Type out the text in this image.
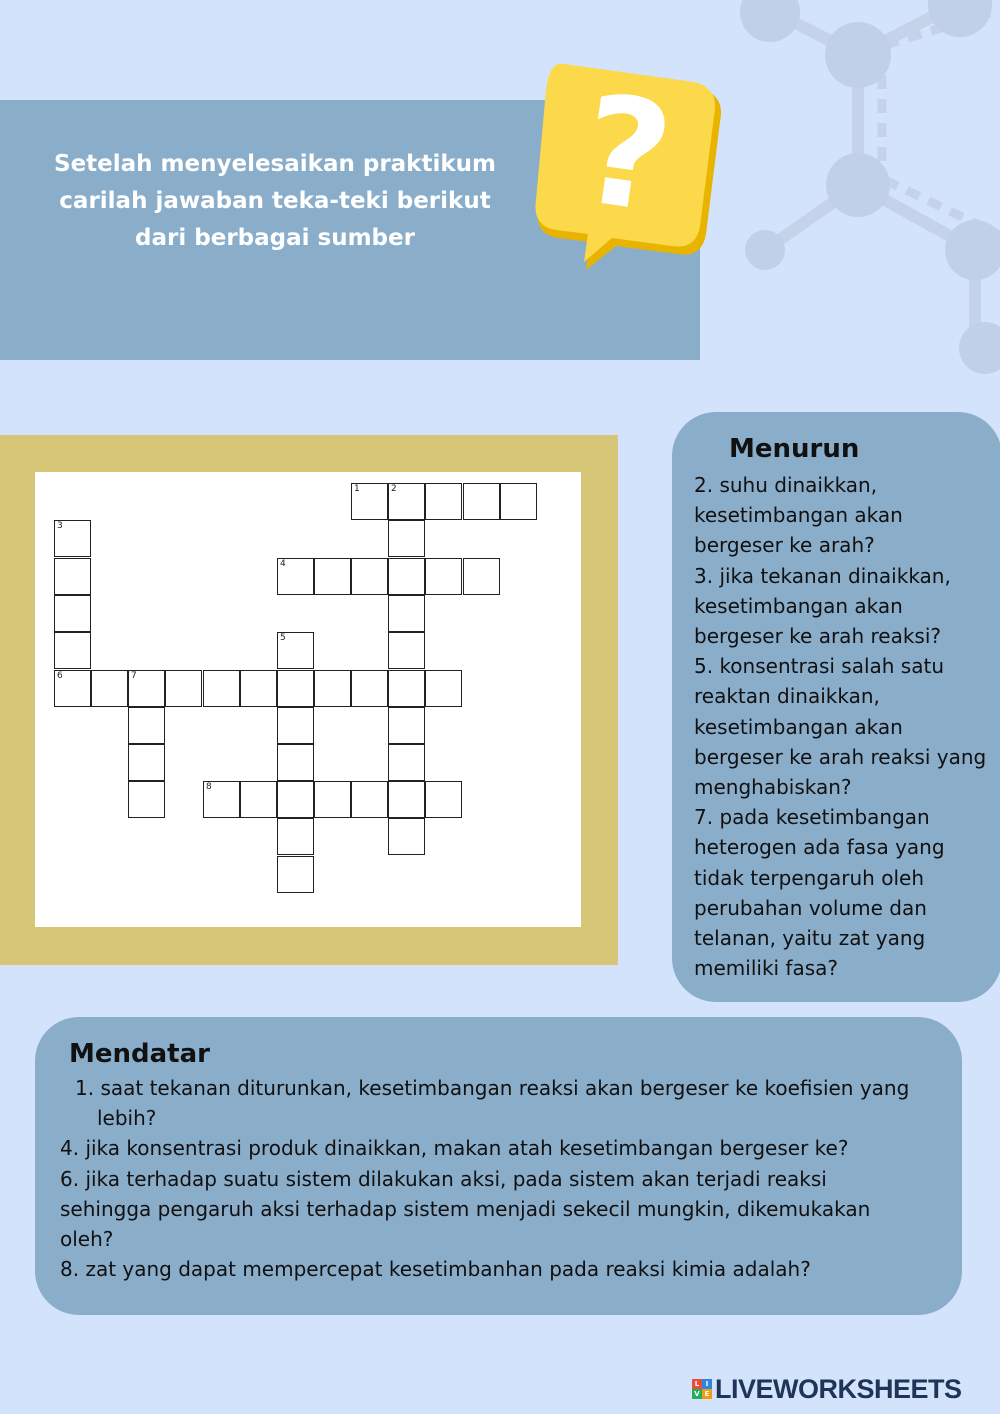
Setelah menyelesaikan praktikum carilah jawaban teka-teki berikut dari berbagai sumber	?
1	2
3
4
5
6	7
8
Menurun

2. suhu dinaikkan, kesetimbangan akan bergeser ke arah?

3. jika tekanan dinaikkan, kesetimbangan akan bergeser ke arah reaksi?

5. konsentrasi salah satu reaktan dinaikkan, kesetimbangan akan bergeser ke arah reaksi yang menghabiskan?

7. pada kesetimbangan heterogen ada fasa yang tidak terpengaruh oleh perubahan volume dan telanan, yaitu zat yang memiliki fasa?

Mendatar

1. saat tekanan diturunkan, kesetimbangan reaksi akan bergeser ke koefisien yang lebih?

4. jika konsentrasi produk dinaikkan, makan atah kesetimbangan bergeser ke?

6. jika terhadap suatu sistem dilakukan aksi, pada sistem akan terjadi reaksi sehingga pengaruh aksi terhadap sistem menjadi sekecil mungkin, dikemukakan oleh?

8. zat yang dapat mempercepat kesetimbanhan pada reaksi kimia adalah?

L I
V E LIVEWORKSHEETS
